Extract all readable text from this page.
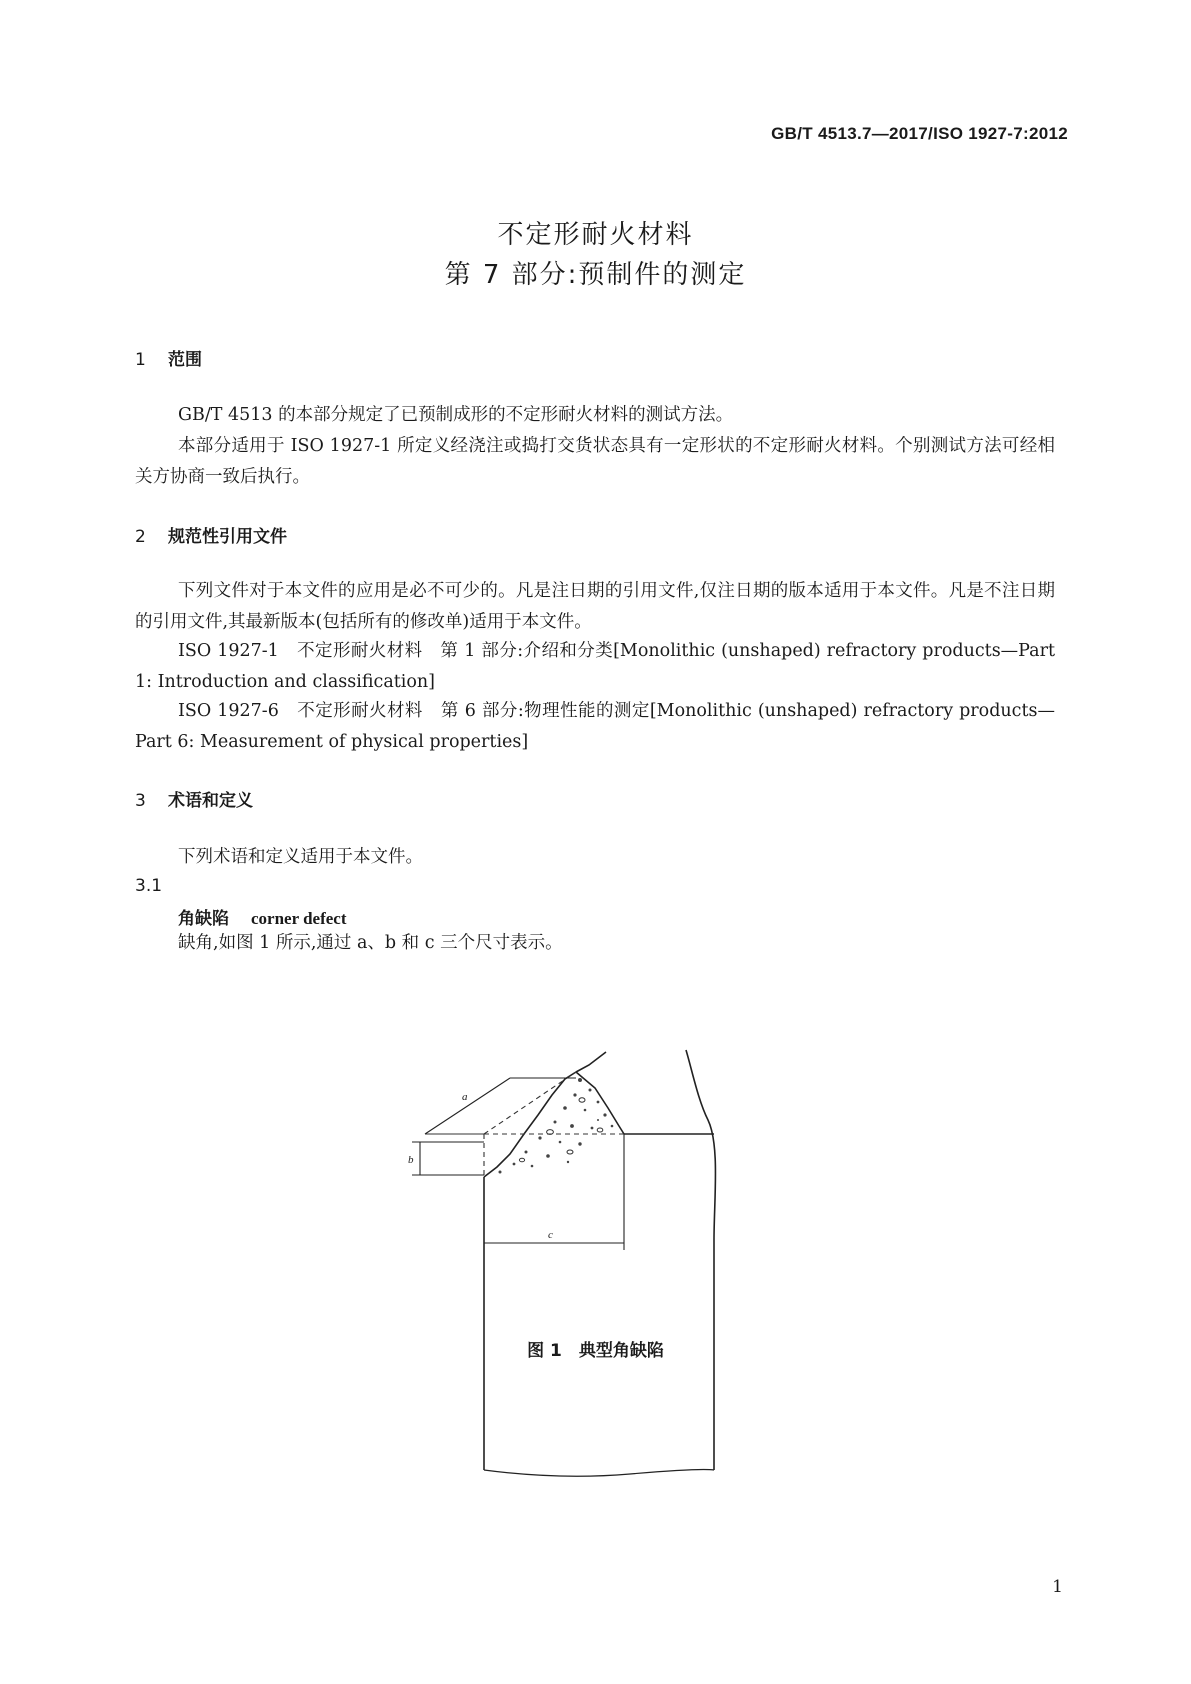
GB/T 4513.7—2017/ISO 1927-7:2012
不定形耐火材料
第 7 部分:预制件的测定
1 范围
GB/T 4513 的本部分规定了已预制成形的不定形耐火材料的测试方法。
本部分适用于 ISO 1927-1 所定义经浇注或捣打交货状态具有一定形状的不定形耐火材料。个别测试方法可经相关方协商一致后执行。
2 规范性引用文件
下列文件对于本文件的应用是必不可少的。凡是注日期的引用文件,仅注日期的版本适用于本文件。凡是不注日期的引用文件,其最新版本(包括所有的修改单)适用于本文件。
ISO 1927-1　不定形耐火材料　第 1 部分:介绍和分类[Monolithic (unshaped) refractory products—Part 1: Introduction and classification]
ISO 1927-6　不定形耐火材料　第 6 部分:物理性能的测定[Monolithic (unshaped) refractory products—Part 6: Measurement of physical properties]
3 术语和定义
下列术语和定义适用于本文件。
3.1
角缺陷 corner defect
缺角,如图 1 所示,通过 a、b 和 c 三个尺寸表示。
a
b
c
图 1　典型角缺陷
1
